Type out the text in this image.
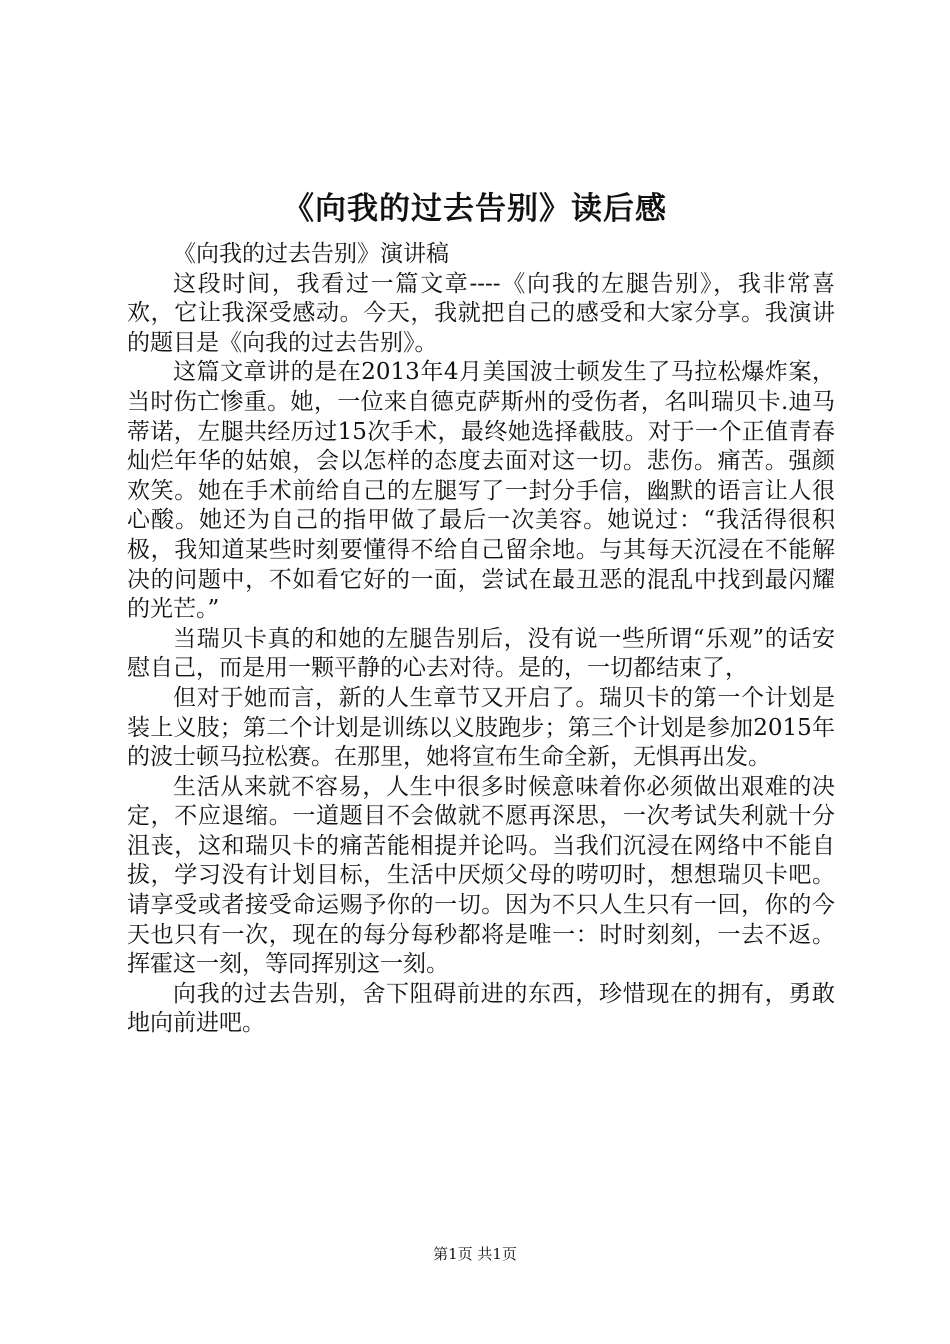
《向我的过去告别》读后感

《向我的过去告别》演讲稿

这段时间，我看过一篇文章----《向我的左腿告别》，我非常喜欢，它让我深受感动。今天，我就把自己的感受和大家分享。我演讲的题目是《向我的过去告别》。

这篇文章讲的是在2013年4月美国波士顿发生了马拉松爆炸案，当时伤亡惨重。她，一位来自德克萨斯州的受伤者，名叫瑞贝卡.迪马蒂诺，左腿共经历过15次手术，最终她选择截肢。对于一个正值青春灿烂年华的姑娘，会以怎样的态度去面对这一切。悲伤。痛苦。强颜欢笑。她在手术前给自己的左腿写了一封分手信，幽默的语言让人很心酸。她还为自己的指甲做了最后一次美容。她说过：“我活得很积极，我知道某些时刻要懂得不给自己留余地。与其每天沉浸在不能解决的问题中，不如看它好的一面，尝试在最丑恶的混乱中找到最闪耀的光芒。”

当瑞贝卡真的和她的左腿告别后，没有说一些所谓“乐观”的话安慰自己，而是用一颗平静的心去对待。是的，一切都结束了，

但对于她而言，新的人生章节又开启了。瑞贝卡的第一个计划是装上义肢；第二个计划是训练以义肢跑步；第三个计划是参加2015年的波士顿马拉松赛。在那里，她将宣布生命全新，无惧再出发。

生活从来就不容易，人生中很多时候意味着你必须做出艰难的决定，不应退缩。一道题目不会做就不愿再深思，一次考试失利就十分沮丧，这和瑞贝卡的痛苦能相提并论吗。当我们沉浸在网络中不能自拔，学习没有计划目标，生活中厌烦父母的唠叨时，想想瑞贝卡吧。请享受或者接受命运赐予你的一切。因为不只人生只有一回，你的今天也只有一次，现在的每分每秒都将是唯一：时时刻刻，一去不返。挥霍这一刻，等同挥别这一刻。

向我的过去告别，舍下阻碍前进的东西，珍惜现在的拥有，勇敢地向前进吧。

第1页 共1页
